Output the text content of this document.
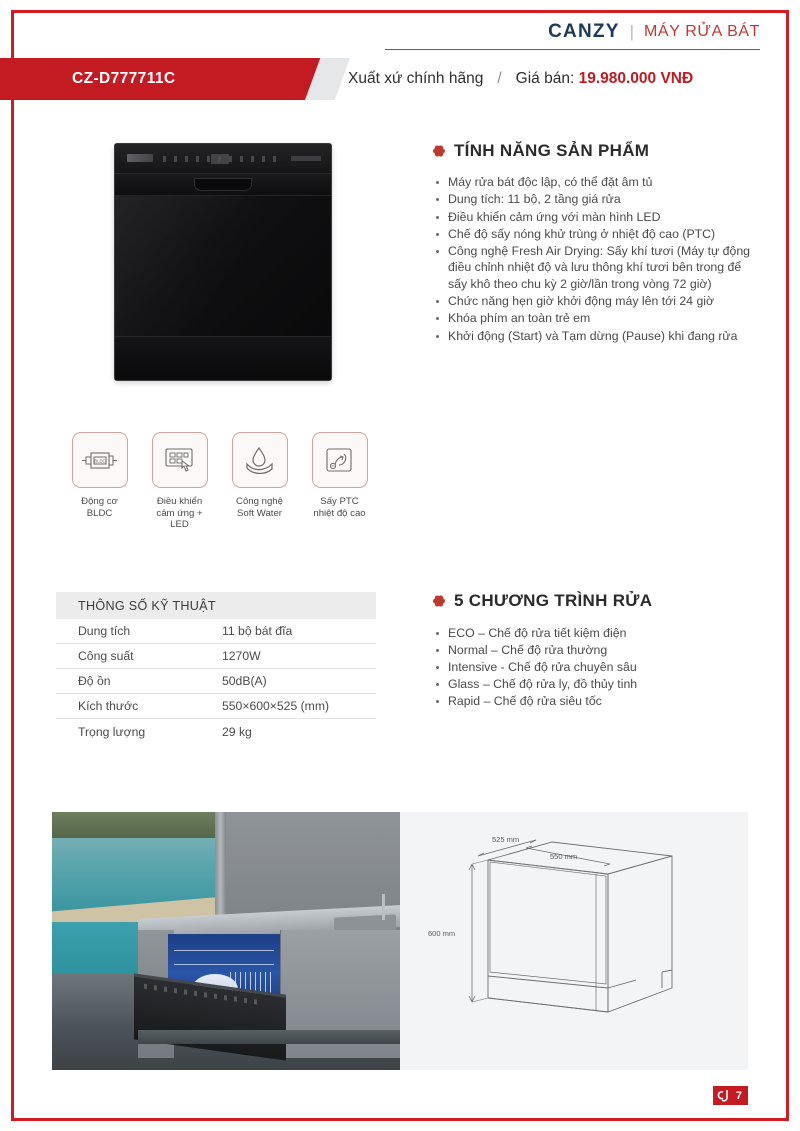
CANZY | MÁY RỬA BÁT
CZ-D777711C	Xuất xứ chính hãng / Giá bán: 19.980.000 VNĐ
TÍNH NĂNG SẢN PHẨM
Máy rửa bát độc lập, có thể đặt âm tủ
Dung tích: 11 bộ, 2 tầng giá rửa
Điều khiển cảm ứng với màn hình LED
Chế độ sấy nóng khử trùng ở nhiệt độ cao (PTC)
Công nghệ Fresh Air Drying: Sấy khí tươi (Máy tự động điều chỉnh nhiệt độ và lưu thông khí tươi bên trong để sấy khô theo chu kỳ 2 giờ/lần trong vòng 72 giờ)
Chức năng hẹn giờ khởi động máy lên tới 24 giờ
Khóa phím an toàn trẻ em
Khởi động (Start) và Tạm dừng (Pause) khi đang rửa
BLDC
Động cơ
BLDC
Điều khiển
cảm ứng + LED
Công nghệ
Soft Water
Sấy PTC
nhiệt độ cao
THÔNG SỐ KỸ THUẬT
Dung tích	11 bộ bát đĩa
Công suất	1270W
Độ ồn	50dB(A)
Kích thước	550×600×525 (mm)
Trọng lượng	29 kg
5 CHƯƠNG TRÌNH RỬA
ECO – Chế độ rửa tiết kiệm điện
Normal – Chế độ rửa thường
Intensive - Chế độ rửa chuyên sâu
Glass – Chế độ rửa ly, đồ thủy tinh
Rapid – Chế độ rửa siêu tốc
525 mm
550 mm
600 mm
7
